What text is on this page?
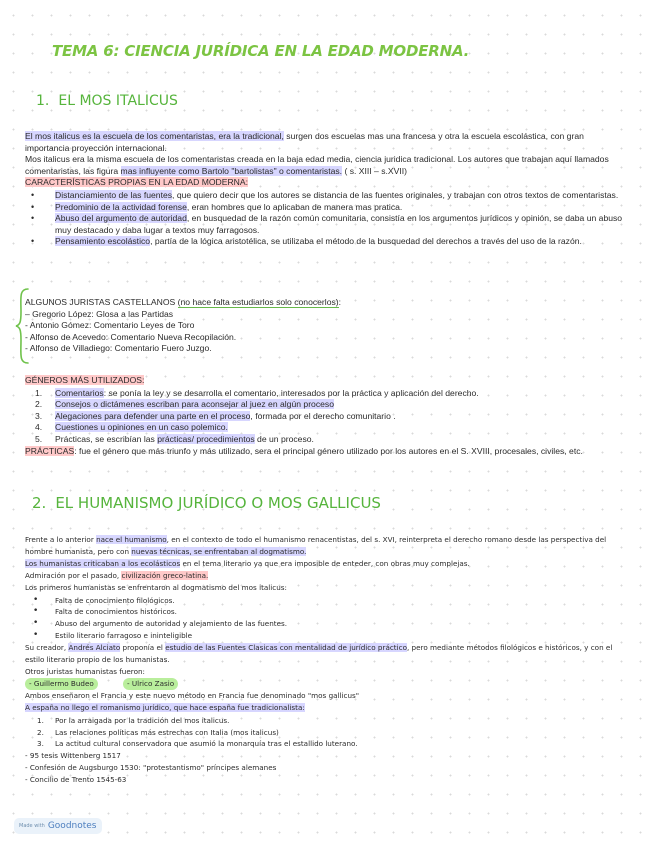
TEMA 6: CIENCIA JURÍDICA EN LA EDAD MODERNA.
1. EL MOS ITALICUS

El mos italicus es la escuela de los comentaristas, era la tradicional, surgen dos escuelas mas una francesa y otra la escuela escolástica, con gran importancia proyección internacional.

Mos italicus era la misma escuela de los comentaristas creada en la baja edad media, ciencia juridica tradicional. Los autores que trabajan aquí llamados comentaristas, las figura mas influyente como Bartolo "bartolistas" o comentaristas. ( s. XIII – s.XVII)

CARACTERÍSTICAS PROPIAS EN LA EDAD MODERNA:

• Distanciamiento de las fuentes, que quiero decir que los autores se distancia de las fuentes originales, y trabajan con otros textos de comentaristas.
• Predominio de la actividad forense, eran hombres que lo aplicaban de manera mas pratica.
• Abuso del argumento de autoridad, en busquedad de la razón común comunitaria, consistía en los argumentos jurídicos y opinión, se daba un abuso muy destacado y daba lugar a textos muy farragosos.
• Pensamiento escolástico, partía de la lógica aristotélica, se utilizaba el método de la busquedad del derechos a través del uso de la razón.

ALGUNOS JURISTAS CASTELLANOS (no hace falta estudiarlos solo conocerlos):

– Gregorio López: Glosa a las Partidas

- Antonio Gómez: Comentario Leyes de Toro

- Alfonso de Acevedo: Comentario Nueva Recopilación.

- Alfonso de Villadiego: Comentario Fuero Juzgo.

GÉNEROS MÁS UTILIZADOS:

1. Comentarios: se ponía la ley y se desarrolla el comentario, interesados por la práctica y aplicación del derecho.
2. Consejos o dictámenes escriban para aconsejar al juez en algún proceso
3. Alegaciones para defender una parte en el proceso, formada por el derecho comunitario .
4. Cuestiones u opiniones en un caso polemico.
5. Prácticas, se escribían las prácticas/ procedimientos de un proceso.

PRÁCTICAS: fue el género que más triunfo y más utilizado, sera el principal género utilizado por los autores en el S. XVIII, procesales, civiles, etc.

2. EL HUMANISMO JURÍDICO O MOS GALLICUS

Frente a lo anterior nace el humanismo, en el contexto de todo el humanismo renacentistas, del s. XVI, reinterpreta el derecho romano desde las perspectiva del hombre humanista, pero con nuevas técnicas, se enfrentaban al dogmatismo.

Los humanistas criticaban a los ecolásticos en el tema literario ya que era imposible de enteder, con obras muy complejas.

Admiración por el pasado, civilización greco-latina.

Los primeros humanistas se enfrentaron al dogmatismo del mos italicus:

• Falta de conocimiento filológicos.
• Falta de conocimientos históricos.
• Abuso del argumento de autoridad y alejamiento de las fuentes.
• Estilo literario farragoso e ininteligible

Su creador, Andrés Alciato proponía el estudio de las Fuentes Clasicas con mentalidad de jurídico práctico, pero mediante métodos filológicos e históricos, y con el estilo literario propio de los humanistas.

Otros juristas humanistas fueron:

- Guillermo Budeo	- Ulrico Zasio

Ambos enseñaron el Francia y este nuevo método en Francia fue denominado "mos gallicus"

A españa no llego el romanismo jurídico, que hace españa fue tradicionalista:

1. Por la arraigada por la tradición del mos italicus.
2. Las relaciones políticas más estrechas con Italia (mos italicus)
3. La actitud cultural conservadora que asumió la monarquía tras el estallido luterano.

- 95 tesis Wittenberg 1517

- Confesión de Augsburgo 1530: "protestantismo" príncipes alemanes

- Concilio de Trento 1545-63

Made with Goodnotes
